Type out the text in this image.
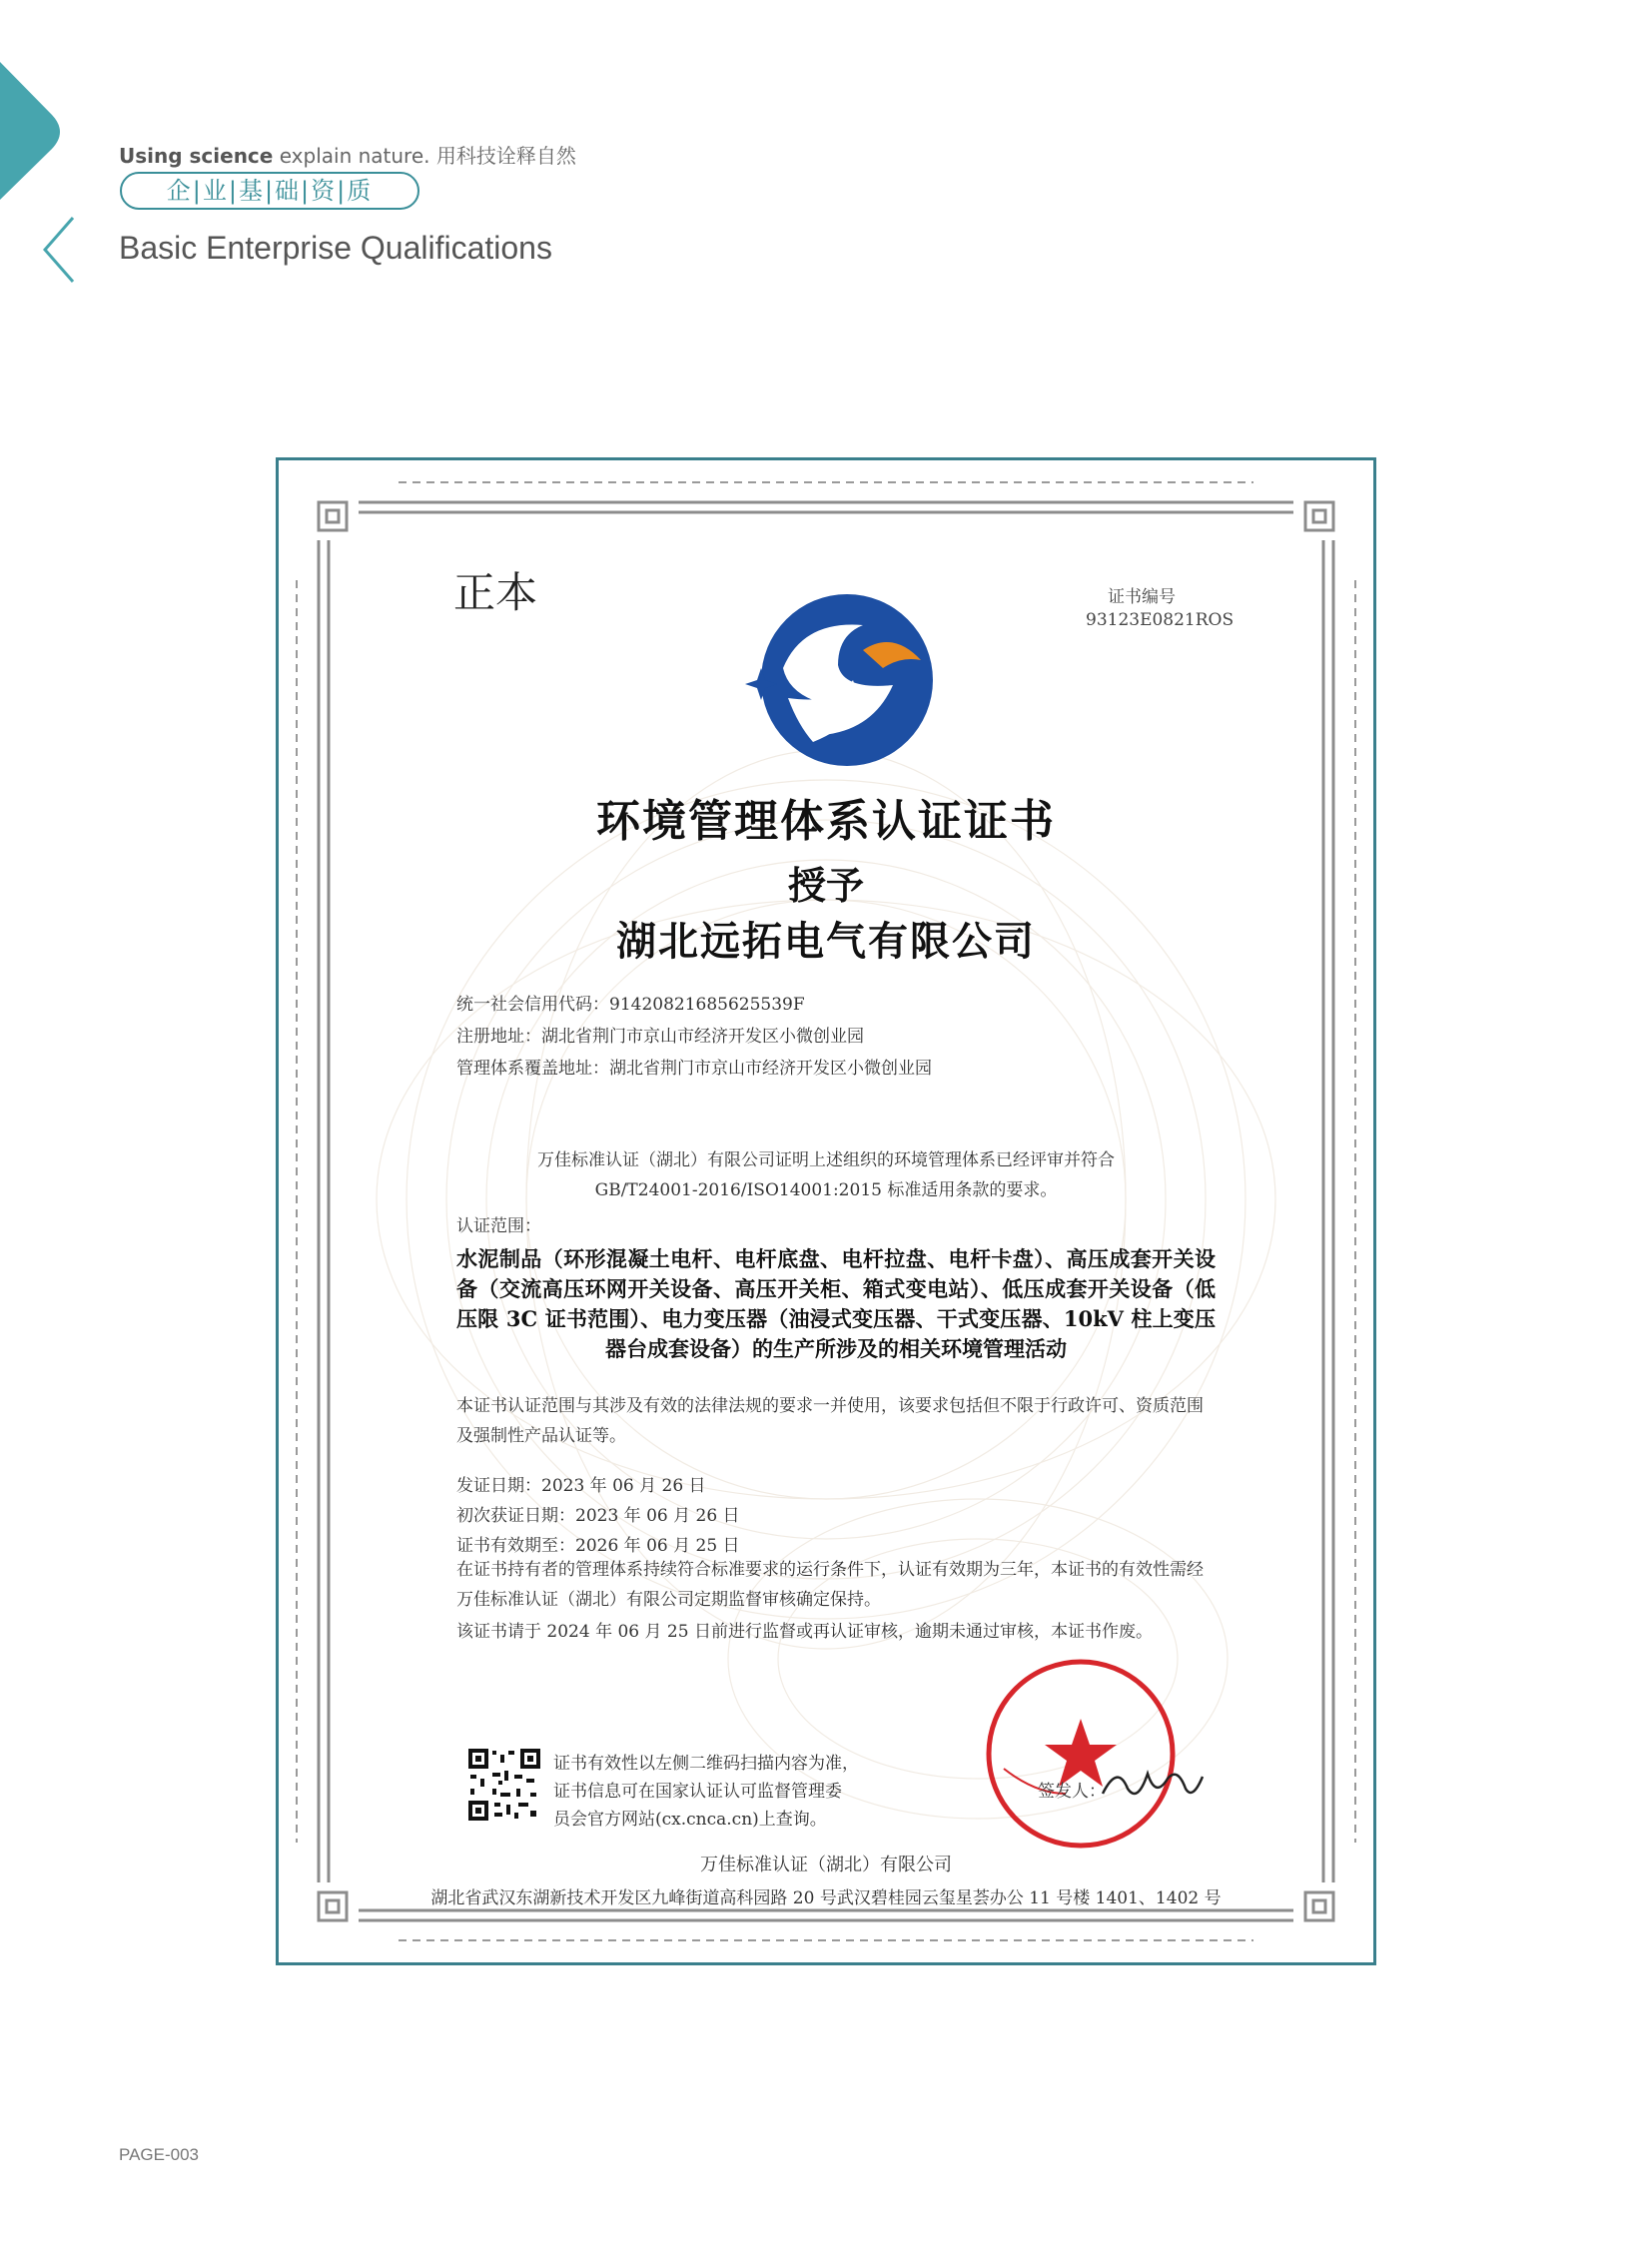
Using science explain nature. 用科技诠释自然
企|业|基|础|资|质
Basic Enterprise Qualifications
正本	证书编号
93123E0821ROS
环境管理体系认证证书
授予
湖北远拓电气有限公司
统一社会信用代码：91420821685625539F
注册地址：湖北省荆门市京山市经济开发区小微创业园
管理体系覆盖地址：湖北省荆门市京山市经济开发区小微创业园
万佳标准认证（湖北）有限公司证明上述组织的环境管理体系已经评审并符合
GB/T24001-2016/ISO14001:2015 标准适用条款的要求。
认证范围：
水泥制品（环形混凝土电杆、电杆底盘、电杆拉盘、电杆卡盘）、高压成套开关设备（交流高压环网开关设备、高压开关柜、箱式变电站）、低压成套开关设备（低压限 3C 证书范围）、电力变压器（油浸式变压器、干式变压器、10kV 柱上变压器台成套设备）的生产所涉及的相关环境管理活动
本证书认证范围与其涉及有效的法律法规的要求一并使用，该要求包括但不限于行政许可、资质范围及强制性产品认证等。
发证日期：2023 年 06 月 26 日
初次获证日期：2023 年 06 月 26 日
证书有效期至：2026 年 06 月 25 日
在证书持有者的管理体系持续符合标准要求的运行条件下，认证有效期为三年，本证书的有效性需经万佳标准认证（湖北）有限公司定期监督审核确定保持。
该证书请于 2024 年 06 月 25 日前进行监督或再认证审核，逾期未通过审核，本证书作废。
证书有效性以左侧二维码扫描内容为准，
证书信息可在国家认证认可监督管理委
员会官方网站(cx.cnca.cn)上查询。
签发人：
万佳标准认证（湖北）有限公司
湖北省武汉东湖新技术开发区九峰街道高科园路 20 号武汉碧桂园云玺星荟办公 11 号楼 1401、1402 号
PAGE-003
